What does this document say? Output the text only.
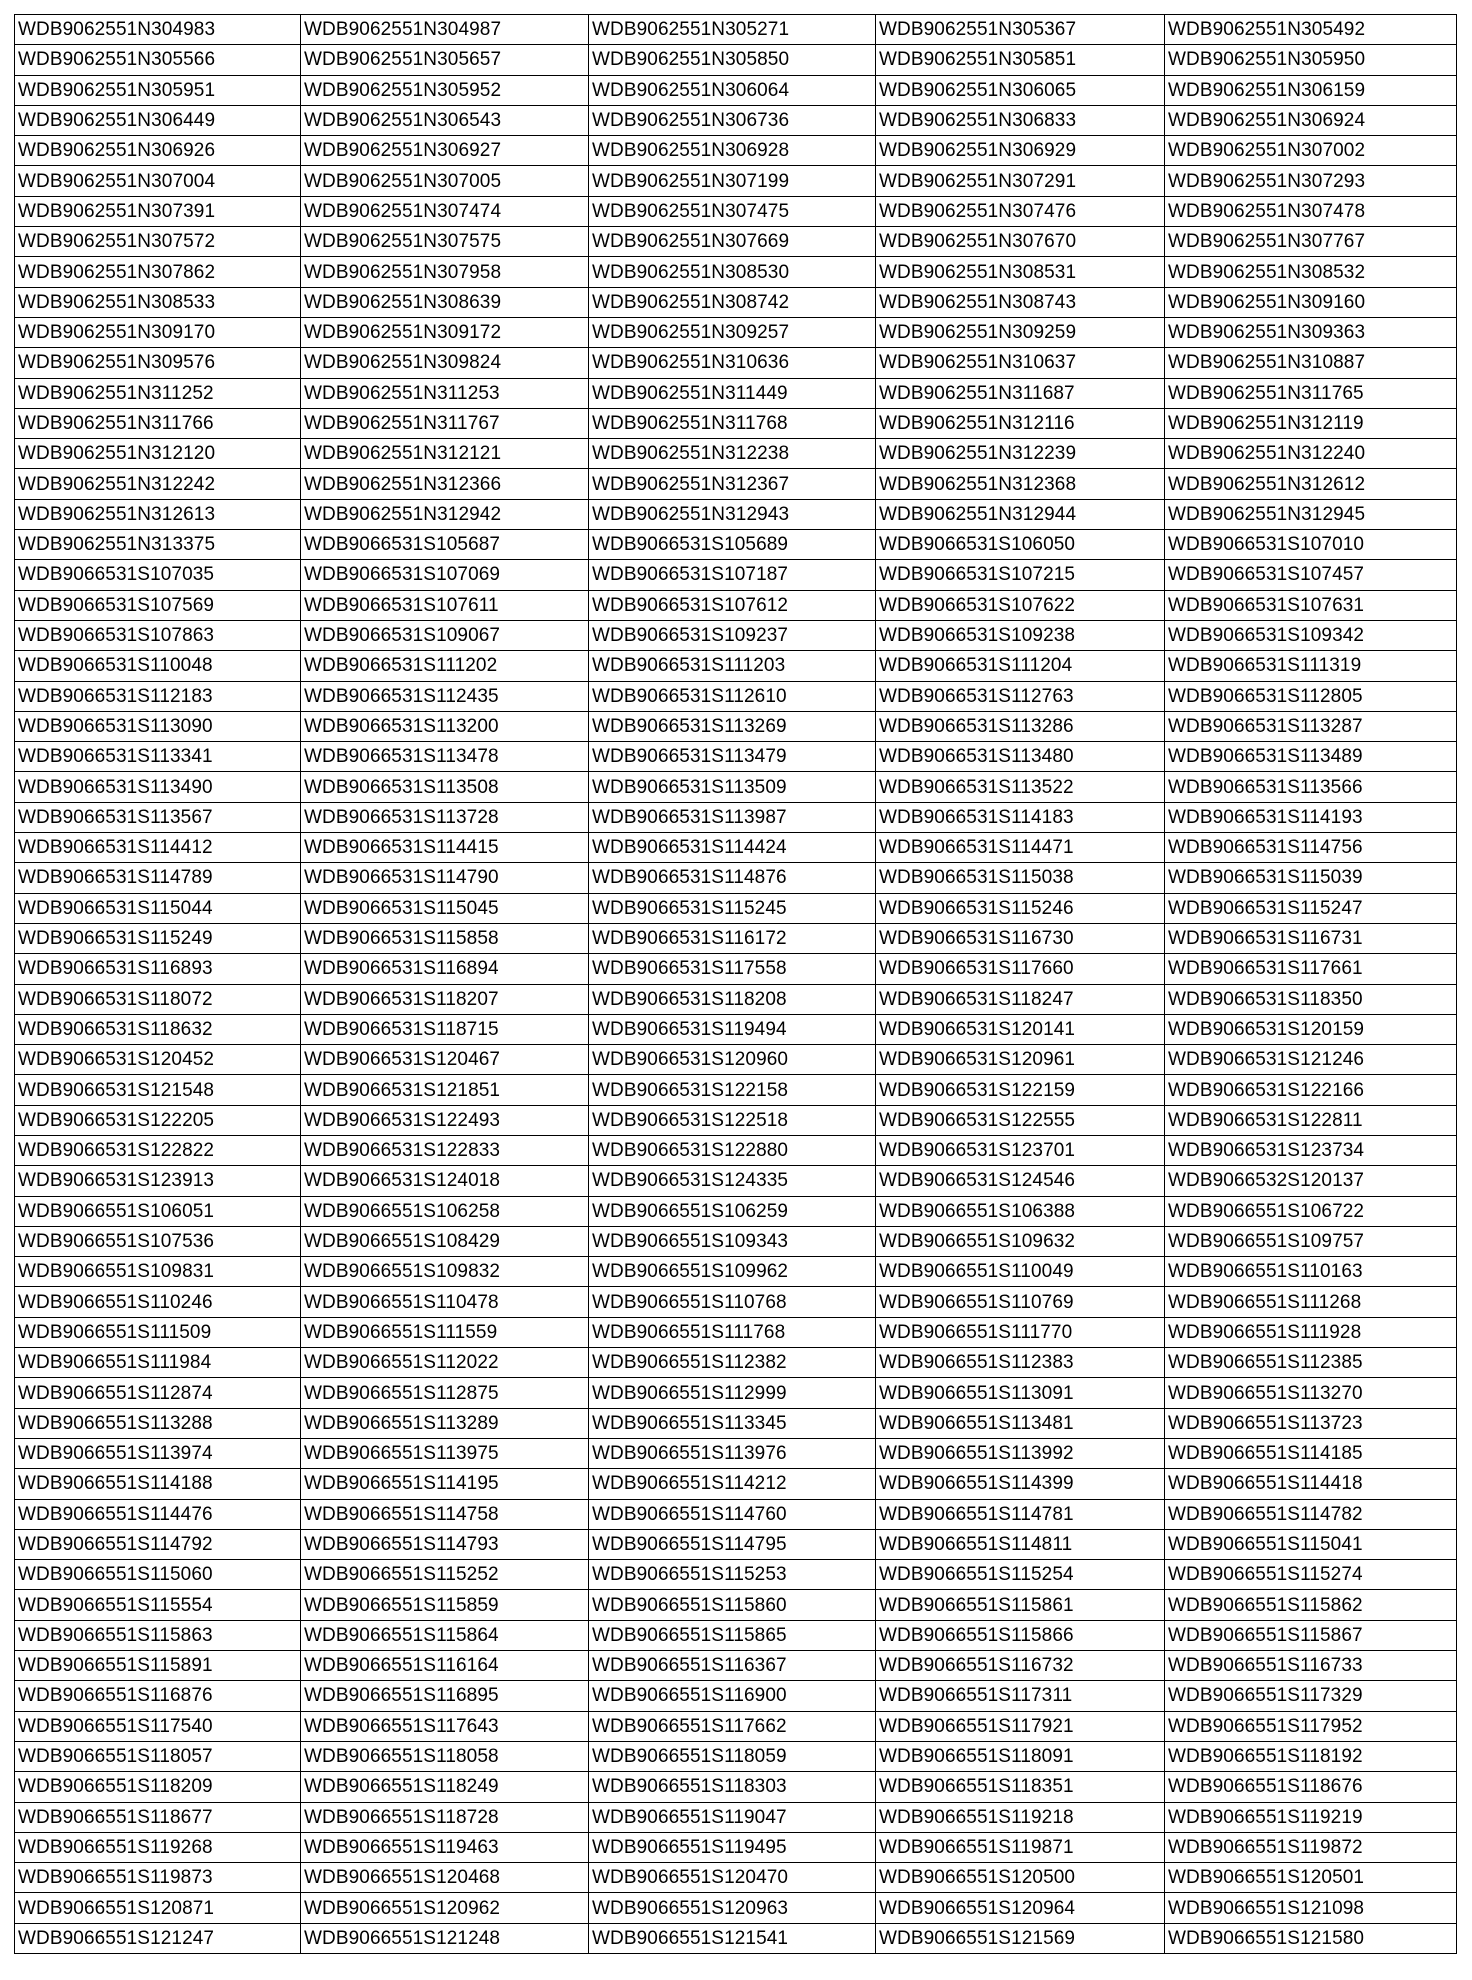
WDB9062551N304983	WDB9062551N304987	WDB9062551N305271	WDB9062551N305367	WDB9062551N305492
WDB9062551N305566	WDB9062551N305657	WDB9062551N305850	WDB9062551N305851	WDB9062551N305950
WDB9062551N305951	WDB9062551N305952	WDB9062551N306064	WDB9062551N306065	WDB9062551N306159
WDB9062551N306449	WDB9062551N306543	WDB9062551N306736	WDB9062551N306833	WDB9062551N306924
WDB9062551N306926	WDB9062551N306927	WDB9062551N306928	WDB9062551N306929	WDB9062551N307002
WDB9062551N307004	WDB9062551N307005	WDB9062551N307199	WDB9062551N307291	WDB9062551N307293
WDB9062551N307391	WDB9062551N307474	WDB9062551N307475	WDB9062551N307476	WDB9062551N307478
WDB9062551N307572	WDB9062551N307575	WDB9062551N307669	WDB9062551N307670	WDB9062551N307767
WDB9062551N307862	WDB9062551N307958	WDB9062551N308530	WDB9062551N308531	WDB9062551N308532
WDB9062551N308533	WDB9062551N308639	WDB9062551N308742	WDB9062551N308743	WDB9062551N309160
WDB9062551N309170	WDB9062551N309172	WDB9062551N309257	WDB9062551N309259	WDB9062551N309363
WDB9062551N309576	WDB9062551N309824	WDB9062551N310636	WDB9062551N310637	WDB9062551N310887
WDB9062551N311252	WDB9062551N311253	WDB9062551N311449	WDB9062551N311687	WDB9062551N311765
WDB9062551N311766	WDB9062551N311767	WDB9062551N311768	WDB9062551N312116	WDB9062551N312119
WDB9062551N312120	WDB9062551N312121	WDB9062551N312238	WDB9062551N312239	WDB9062551N312240
WDB9062551N312242	WDB9062551N312366	WDB9062551N312367	WDB9062551N312368	WDB9062551N312612
WDB9062551N312613	WDB9062551N312942	WDB9062551N312943	WDB9062551N312944	WDB9062551N312945
WDB9062551N313375	WDB9066531S105687	WDB9066531S105689	WDB9066531S106050	WDB9066531S107010
WDB9066531S107035	WDB9066531S107069	WDB9066531S107187	WDB9066531S107215	WDB9066531S107457
WDB9066531S107569	WDB9066531S107611	WDB9066531S107612	WDB9066531S107622	WDB9066531S107631
WDB9066531S107863	WDB9066531S109067	WDB9066531S109237	WDB9066531S109238	WDB9066531S109342
WDB9066531S110048	WDB9066531S111202	WDB9066531S111203	WDB9066531S111204	WDB9066531S111319
WDB9066531S112183	WDB9066531S112435	WDB9066531S112610	WDB9066531S112763	WDB9066531S112805
WDB9066531S113090	WDB9066531S113200	WDB9066531S113269	WDB9066531S113286	WDB9066531S113287
WDB9066531S113341	WDB9066531S113478	WDB9066531S113479	WDB9066531S113480	WDB9066531S113489
WDB9066531S113490	WDB9066531S113508	WDB9066531S113509	WDB9066531S113522	WDB9066531S113566
WDB9066531S113567	WDB9066531S113728	WDB9066531S113987	WDB9066531S114183	WDB9066531S114193
WDB9066531S114412	WDB9066531S114415	WDB9066531S114424	WDB9066531S114471	WDB9066531S114756
WDB9066531S114789	WDB9066531S114790	WDB9066531S114876	WDB9066531S115038	WDB9066531S115039
WDB9066531S115044	WDB9066531S115045	WDB9066531S115245	WDB9066531S115246	WDB9066531S115247
WDB9066531S115249	WDB9066531S115858	WDB9066531S116172	WDB9066531S116730	WDB9066531S116731
WDB9066531S116893	WDB9066531S116894	WDB9066531S117558	WDB9066531S117660	WDB9066531S117661
WDB9066531S118072	WDB9066531S118207	WDB9066531S118208	WDB9066531S118247	WDB9066531S118350
WDB9066531S118632	WDB9066531S118715	WDB9066531S119494	WDB9066531S120141	WDB9066531S120159
WDB9066531S120452	WDB9066531S120467	WDB9066531S120960	WDB9066531S120961	WDB9066531S121246
WDB9066531S121548	WDB9066531S121851	WDB9066531S122158	WDB9066531S122159	WDB9066531S122166
WDB9066531S122205	WDB9066531S122493	WDB9066531S122518	WDB9066531S122555	WDB9066531S122811
WDB9066531S122822	WDB9066531S122833	WDB9066531S122880	WDB9066531S123701	WDB9066531S123734
WDB9066531S123913	WDB9066531S124018	WDB9066531S124335	WDB9066531S124546	WDB9066532S120137
WDB9066551S106051	WDB9066551S106258	WDB9066551S106259	WDB9066551S106388	WDB9066551S106722
WDB9066551S107536	WDB9066551S108429	WDB9066551S109343	WDB9066551S109632	WDB9066551S109757
WDB9066551S109831	WDB9066551S109832	WDB9066551S109962	WDB9066551S110049	WDB9066551S110163
WDB9066551S110246	WDB9066551S110478	WDB9066551S110768	WDB9066551S110769	WDB9066551S111268
WDB9066551S111509	WDB9066551S111559	WDB9066551S111768	WDB9066551S111770	WDB9066551S111928
WDB9066551S111984	WDB9066551S112022	WDB9066551S112382	WDB9066551S112383	WDB9066551S112385
WDB9066551S112874	WDB9066551S112875	WDB9066551S112999	WDB9066551S113091	WDB9066551S113270
WDB9066551S113288	WDB9066551S113289	WDB9066551S113345	WDB9066551S113481	WDB9066551S113723
WDB9066551S113974	WDB9066551S113975	WDB9066551S113976	WDB9066551S113992	WDB9066551S114185
WDB9066551S114188	WDB9066551S114195	WDB9066551S114212	WDB9066551S114399	WDB9066551S114418
WDB9066551S114476	WDB9066551S114758	WDB9066551S114760	WDB9066551S114781	WDB9066551S114782
WDB9066551S114792	WDB9066551S114793	WDB9066551S114795	WDB9066551S114811	WDB9066551S115041
WDB9066551S115060	WDB9066551S115252	WDB9066551S115253	WDB9066551S115254	WDB9066551S115274
WDB9066551S115554	WDB9066551S115859	WDB9066551S115860	WDB9066551S115861	WDB9066551S115862
WDB9066551S115863	WDB9066551S115864	WDB9066551S115865	WDB9066551S115866	WDB9066551S115867
WDB9066551S115891	WDB9066551S116164	WDB9066551S116367	WDB9066551S116732	WDB9066551S116733
WDB9066551S116876	WDB9066551S116895	WDB9066551S116900	WDB9066551S117311	WDB9066551S117329
WDB9066551S117540	WDB9066551S117643	WDB9066551S117662	WDB9066551S117921	WDB9066551S117952
WDB9066551S118057	WDB9066551S118058	WDB9066551S118059	WDB9066551S118091	WDB9066551S118192
WDB9066551S118209	WDB9066551S118249	WDB9066551S118303	WDB9066551S118351	WDB9066551S118676
WDB9066551S118677	WDB9066551S118728	WDB9066551S119047	WDB9066551S119218	WDB9066551S119219
WDB9066551S119268	WDB9066551S119463	WDB9066551S119495	WDB9066551S119871	WDB9066551S119872
WDB9066551S119873	WDB9066551S120468	WDB9066551S120470	WDB9066551S120500	WDB9066551S120501
WDB9066551S120871	WDB9066551S120962	WDB9066551S120963	WDB9066551S120964	WDB9066551S121098
WDB9066551S121247	WDB9066551S121248	WDB9066551S121541	WDB9066551S121569	WDB9066551S121580
